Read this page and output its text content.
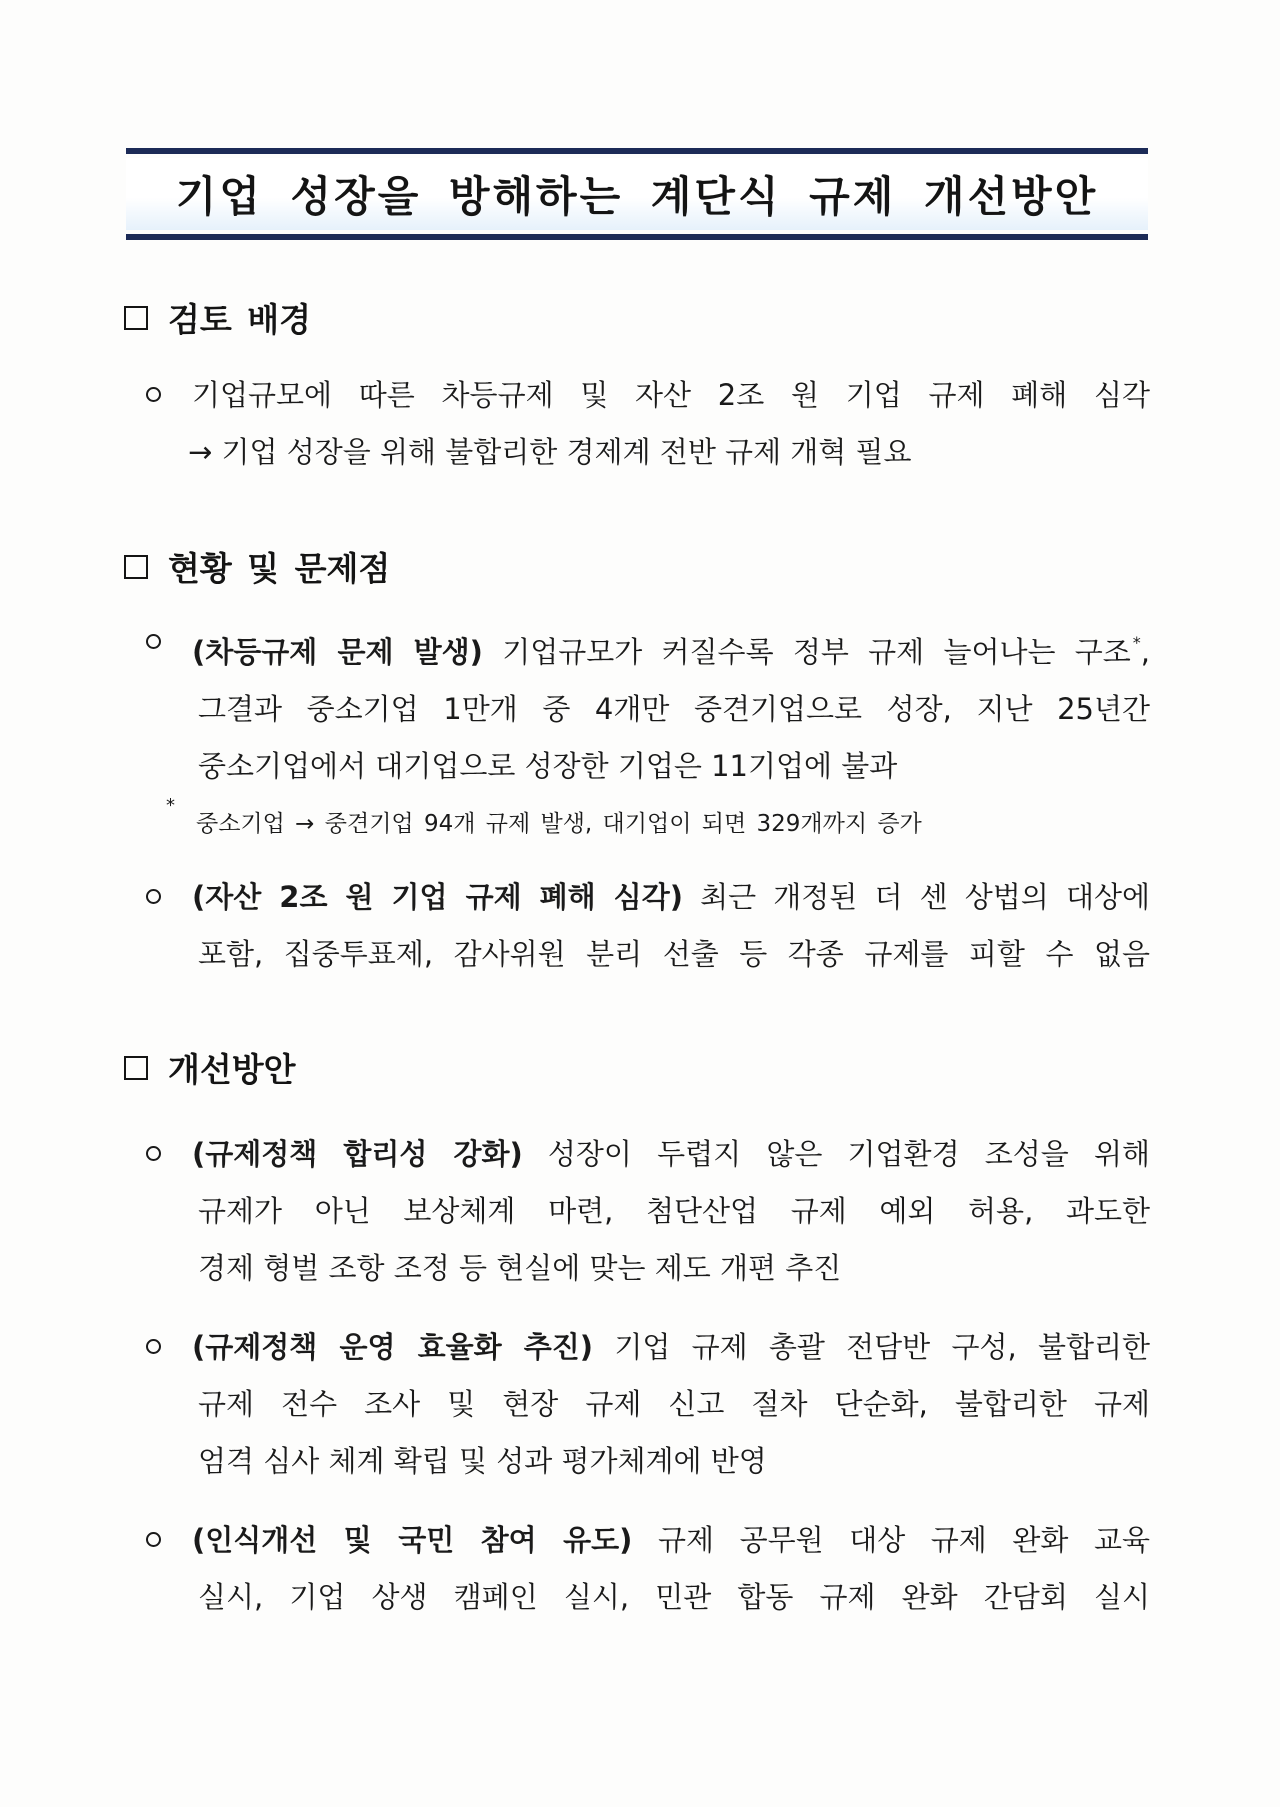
기업 성장을 방해하는 계단식 규제 개선방안
검토 배경
기업규모에 따른 차등규제 및 자산 2조 원 기업 규제 폐해 심각
→ 기업 성장을 위해 불합리한 경제계 전반 규제 개혁 필요
현황 및 문제점
(차등규제 문제 발생) 기업규모가 커질수록 정부 규제 늘어나는 구조 *,
그결과 중소기업 1만개 중 4개만 중견기업으로 성장, 지난 25년간
중소기업에서 대기업으로 성장한 기업은 11기업에 불과
*
중소기업 → 중견기업 94개 규제 발생, 대기업이 되면 329개까지 증가
(자산 2조 원 기업 규제 폐해 심각) 최근 개정된 더 센 상법의 대상에
포함, 집중투표제, 감사위원 분리 선출 등 각종 규제를 피할 수 없음
개선방안
(규제정책 합리성 강화) 성장이 두렵지 않은 기업환경 조성을 위해
규제가 아닌 보상체계 마련, 첨단산업 규제 예외 허용, 과도한
경제 형벌 조항 조정 등 현실에 맞는 제도 개편 추진
(규제정책 운영 효율화 추진) 기업 규제 총괄 전담반 구성, 불합리한
규제 전수 조사 및 현장 규제 신고 절차 단순화, 불합리한 규제
엄격 심사 체계 확립 및 성과 평가체계에 반영
(인식개선 및 국민 참여 유도) 규제 공무원 대상 규제 완화 교육
실시, 기업 상생 캠페인 실시, 민관 합동 규제 완화 간담회 실시
